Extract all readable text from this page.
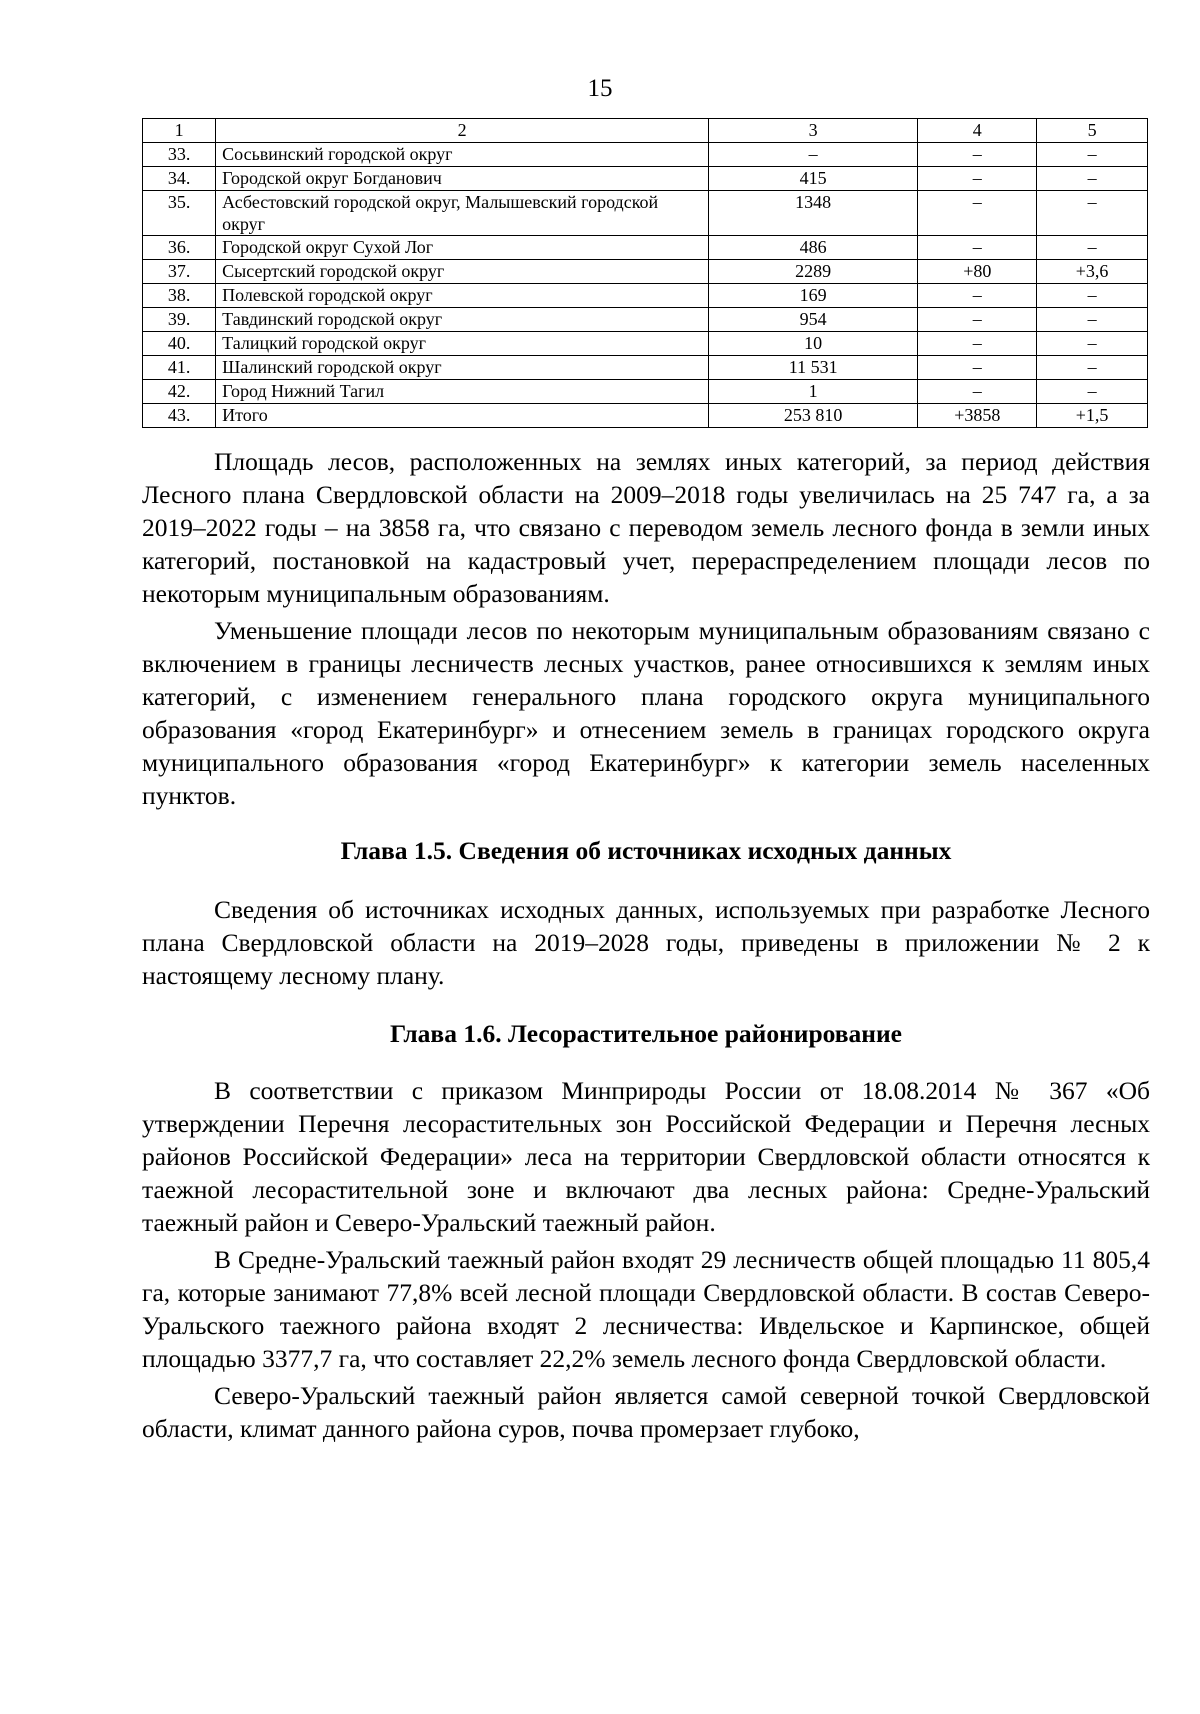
15
1	2	3	4	5
33.	Сосьвинский городской округ	–	–	–
34.	Городской округ Богданович	415	–	–
35.	Асбестовский городской округ, Малышевский городской округ	1348	–	–
36.	Городской округ Сухой Лог	486	–	–
37.	Сысертский городской округ	2289	+80	+3,6
38.	Полевской городской округ	169	–	–
39.	Тавдинский городской округ	954	–	–
40.	Талицкий городской округ	10	–	–
41.	Шалинский городской округ	11 531	–	–
42.	Город Нижний Тагил	1	–	–
43.	Итого	253 810	+3858	+1,5

Площадь лесов, расположенных на землях иных категорий, за период действия Лесного плана Свердловской области на 2009–2018 годы увеличилась на 25 747 га, а за 2019–2022 годы – на 3858 га, что связано с переводом земель лесного фонда в земли иных категорий, постановкой на кадастровый учет, перераспределением площади лесов по некоторым муниципальным образованиям.

Уменьшение площади лесов по некоторым муниципальным образованиям связано с включением в границы лесничеств лесных участков, ранее относившихся к землям иных категорий, с изменением генерального плана городского округа муниципального образования «город Екатеринбург» и отнесением земель в границах городского округа муниципального образования «город Екатеринбург» к категории земель населенных пунктов.

Глава 1.5. Сведения об источниках исходных данных

Сведения об источниках исходных данных, используемых при разработке Лесного плана Свердловской области на 2019–2028 годы, приведены в приложении № 2 к настоящему лесному плану.

Глава 1.6. Лесорастительное районирование

В соответствии с приказом Минприроды России от 18.08.2014 № 367 «Об утверждении Перечня лесорастительных зон Российской Федерации и Перечня лесных районов Российской Федерации» леса на территории Свердловской области относятся к таежной лесорастительной зоне и включают два лесных района: Средне-Уральский таежный район и Северо-Уральский таежный район.

В Средне-Уральский таежный район входят 29 лесничеств общей площадью 11 805,4 га, которые занимают 77,8% всей лесной площади Свердловской области. В состав Северо-Уральского таежного района входят 2 лесничества: Ивдельское и Карпинское, общей площадью 3377,7 га, что составляет 22,2% земель лесного фонда Свердловской области.

Северо-Уральский таежный район является самой северной точкой Свердловской области, климат данного района суров, почва промерзает глубоко,
